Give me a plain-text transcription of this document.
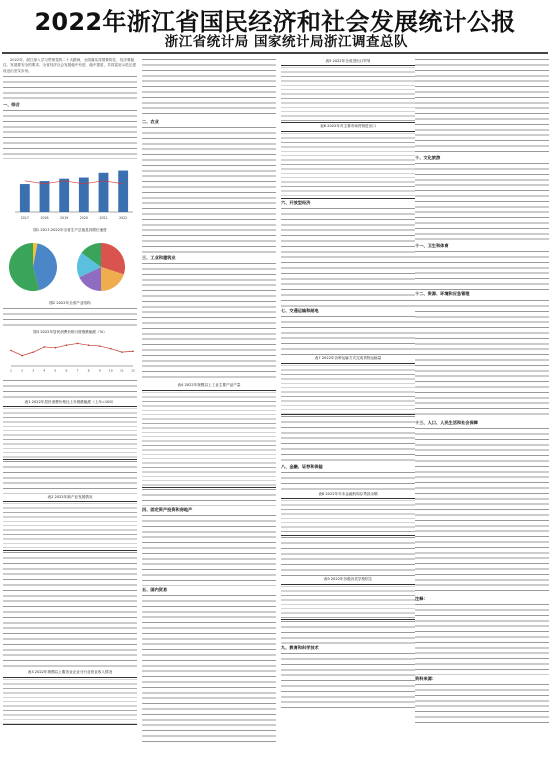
2022年浙江省国民经济和社会发展统计公报
浙江省统计局 国家统计局浙江调查总队

2022年，浙江深入学习贯彻党的二十大精神，全面落实疫情要防住、经济要稳住、发展要安全的要求，全省经济社会发展稳中有进、稳中提质，共同富裕示范区建设迈出坚实步伐。

一、综合
2017	2018	2019	2020	2021	2022
图1 2017-2022年全省生产总值及其增长速度
图2 2022年全省产业结构
图3 2022年居民消费价格月度涨跌幅度（%）
1	2	3	4	5	6	7	8	9	10 11 12
表1 2022年居民消费价格比上年涨跌幅度（上年=100）
表2 2022年新产业发展情况
表3 2022年规模以上服务业企业分行业营业收入情况
二、农业
三、工业和建筑业
表4 2022年规模以上工业主要产品产量
四、固定资产投资和房地产
五、国内贸易
表5 2022年全省进出口贸易
表6 2022年对主要市场货物进出口
六、开放型经济
七、交通运输和邮电
表7 2022年各种运输方式完成货物运输量
八、金融、证券和保险
表8 2022年年末金融机构存贷款余额
表9 2022年各级各类学校招生
九、教育和科学技术
十、文化旅游
十一、卫生和体育
十二、资源、环境和应急管理
十三、人口、人民生活和社会保障
注释：
资料来源：
